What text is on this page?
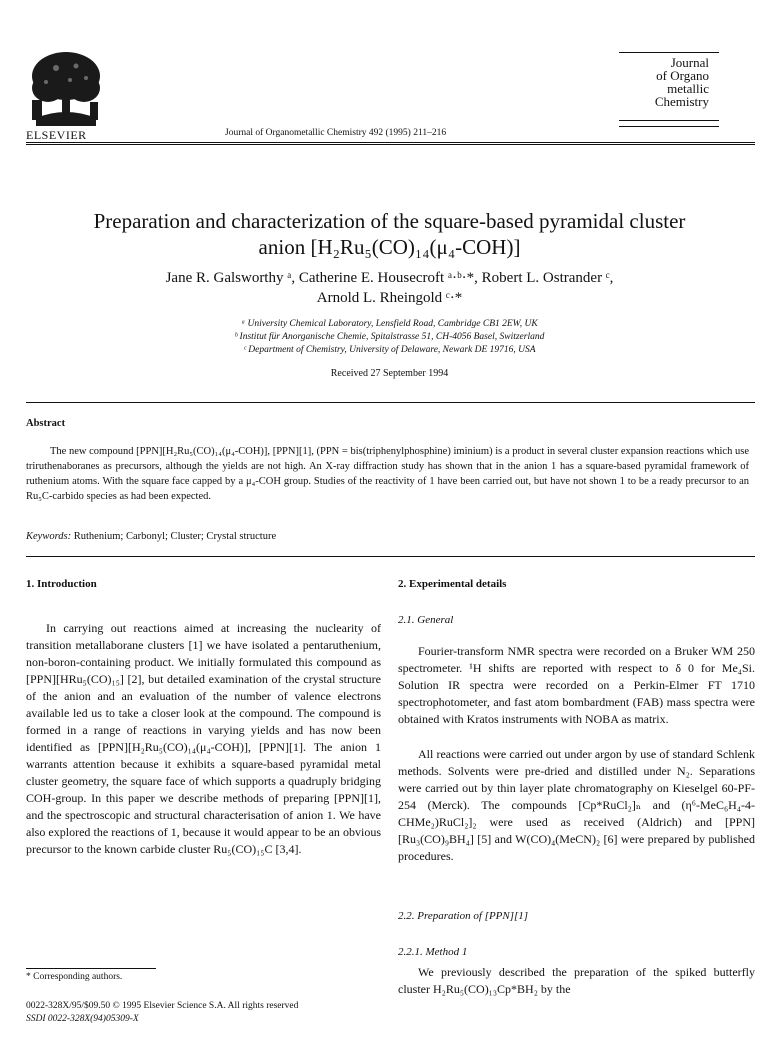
ELSEVIER	Journal of Organometallic Chemistry 492 (1995) 211–216
Journal
of Organo
metallic
Chemistry
Preparation and characterization of the square-based pyramidal cluster
anion [H₂Ru₅(CO)₁₄(μ₄-COH)]
Jane R. Galsworthy ᵃ, Catherine E. Housecroft ᵃ·ᵇ·*, Robert L. Ostrander ᶜ,
Arnold L. Rheingold ᶜ·*
ᵃ University Chemical Laboratory, Lensfield Road, Cambridge CB1 2EW, UK
ᵇ Institut für Anorganische Chemie, Spitalstrasse 51, CH-4056 Basel, Switzerland
ᶜ Department of Chemistry, University of Delaware, Newark DE 19716, USA
Received 27 September 1994
Abstract
The new compound [PPN][H₂Ru₅(CO)₁₄(μ₄-COH)], [PPN][1], (PPN = bis(triphenylphosphine) iminium) is a product in several cluster expansion reactions which use triruthenaboranes as precursors, although the yields are not high. An X-ray diffraction study has shown that in the anion 1 has a square-based pyramidal framework of ruthenium atoms. With the square face capped by a μ₄-COH group. Studies of the reactivity of 1 have been carried out, but have not shown 1 to be a ready precursor to an Ru₅C-carbido species as had been expected.
Keywords: Ruthenium; Carbonyl; Cluster; Crystal structure
1. Introduction
In carrying out reactions aimed at increasing the nuclearity of transition metallaborane clusters [1] we have isolated a pentaruthenium, non-boron-containing product. We initially formulated this compound as [PPN][HRu₅(CO)₁₅] [2], but detailed examination of the crystal structure of the anion and an evaluation of the number of valence electrons available led us to take a closer look at the compound. The compound is formed in a range of reactions in varying yields and has now been identified as [PPN][H₂Ru₅(CO)₁₄(μ₄-COH)], [PPN][1]. The anion 1 warrants attention because it exhibits a square-based pyramidal metal cluster geometry, the square face of which supports a quadruply bridging COH-group. In this paper we describe methods of preparing [PPN][1], and the spectroscopic and structural characterisation of anion 1. We have also explored the reactions of 1, because it would appear to be an obvious precursor to the known carbide cluster Ru₅(CO)₁₅C [3,4].
* Corresponding authors.
0022-328X/95/$09.50 © 1995 Elsevier Science S.A. All rights reserved
SSDI 0022-328X(94)05309-X
2. Experimental details
2.1. General
Fourier-transform NMR spectra were recorded on a Bruker WM 250 spectrometer. ¹H shifts are reported with respect to δ 0 for Me₄Si. Solution IR spectra were recorded on a Perkin-Elmer FT 1710 spectrophotometer, and fast atom bombardment (FAB) mass spectra were obtained with Kratos instruments with NOBA as matrix.
All reactions were carried out under argon by use of standard Schlenk methods. Solvents were pre-dried and distilled under N₂. Separations were carried out by thin layer plate chromatography on Kieselgel 60-PF-254 (Merck). The compounds [Cp*RuCl₂]ₙ and (η⁶-MeC₆H₄-4-CHMe₂)RuCl₂]₂ were used as received (Aldrich) and [PPN][Ru₃(CO)₉BH₄] [5] and W(CO)₄(MeCN)₂ [6] were prepared by published procedures.
2.2. Preparation of [PPN][1]
2.2.1. Method 1
We previously described the preparation of the spiked butterfly cluster H₂Ru₅(CO)₁₃Cp*BH₂ by the
